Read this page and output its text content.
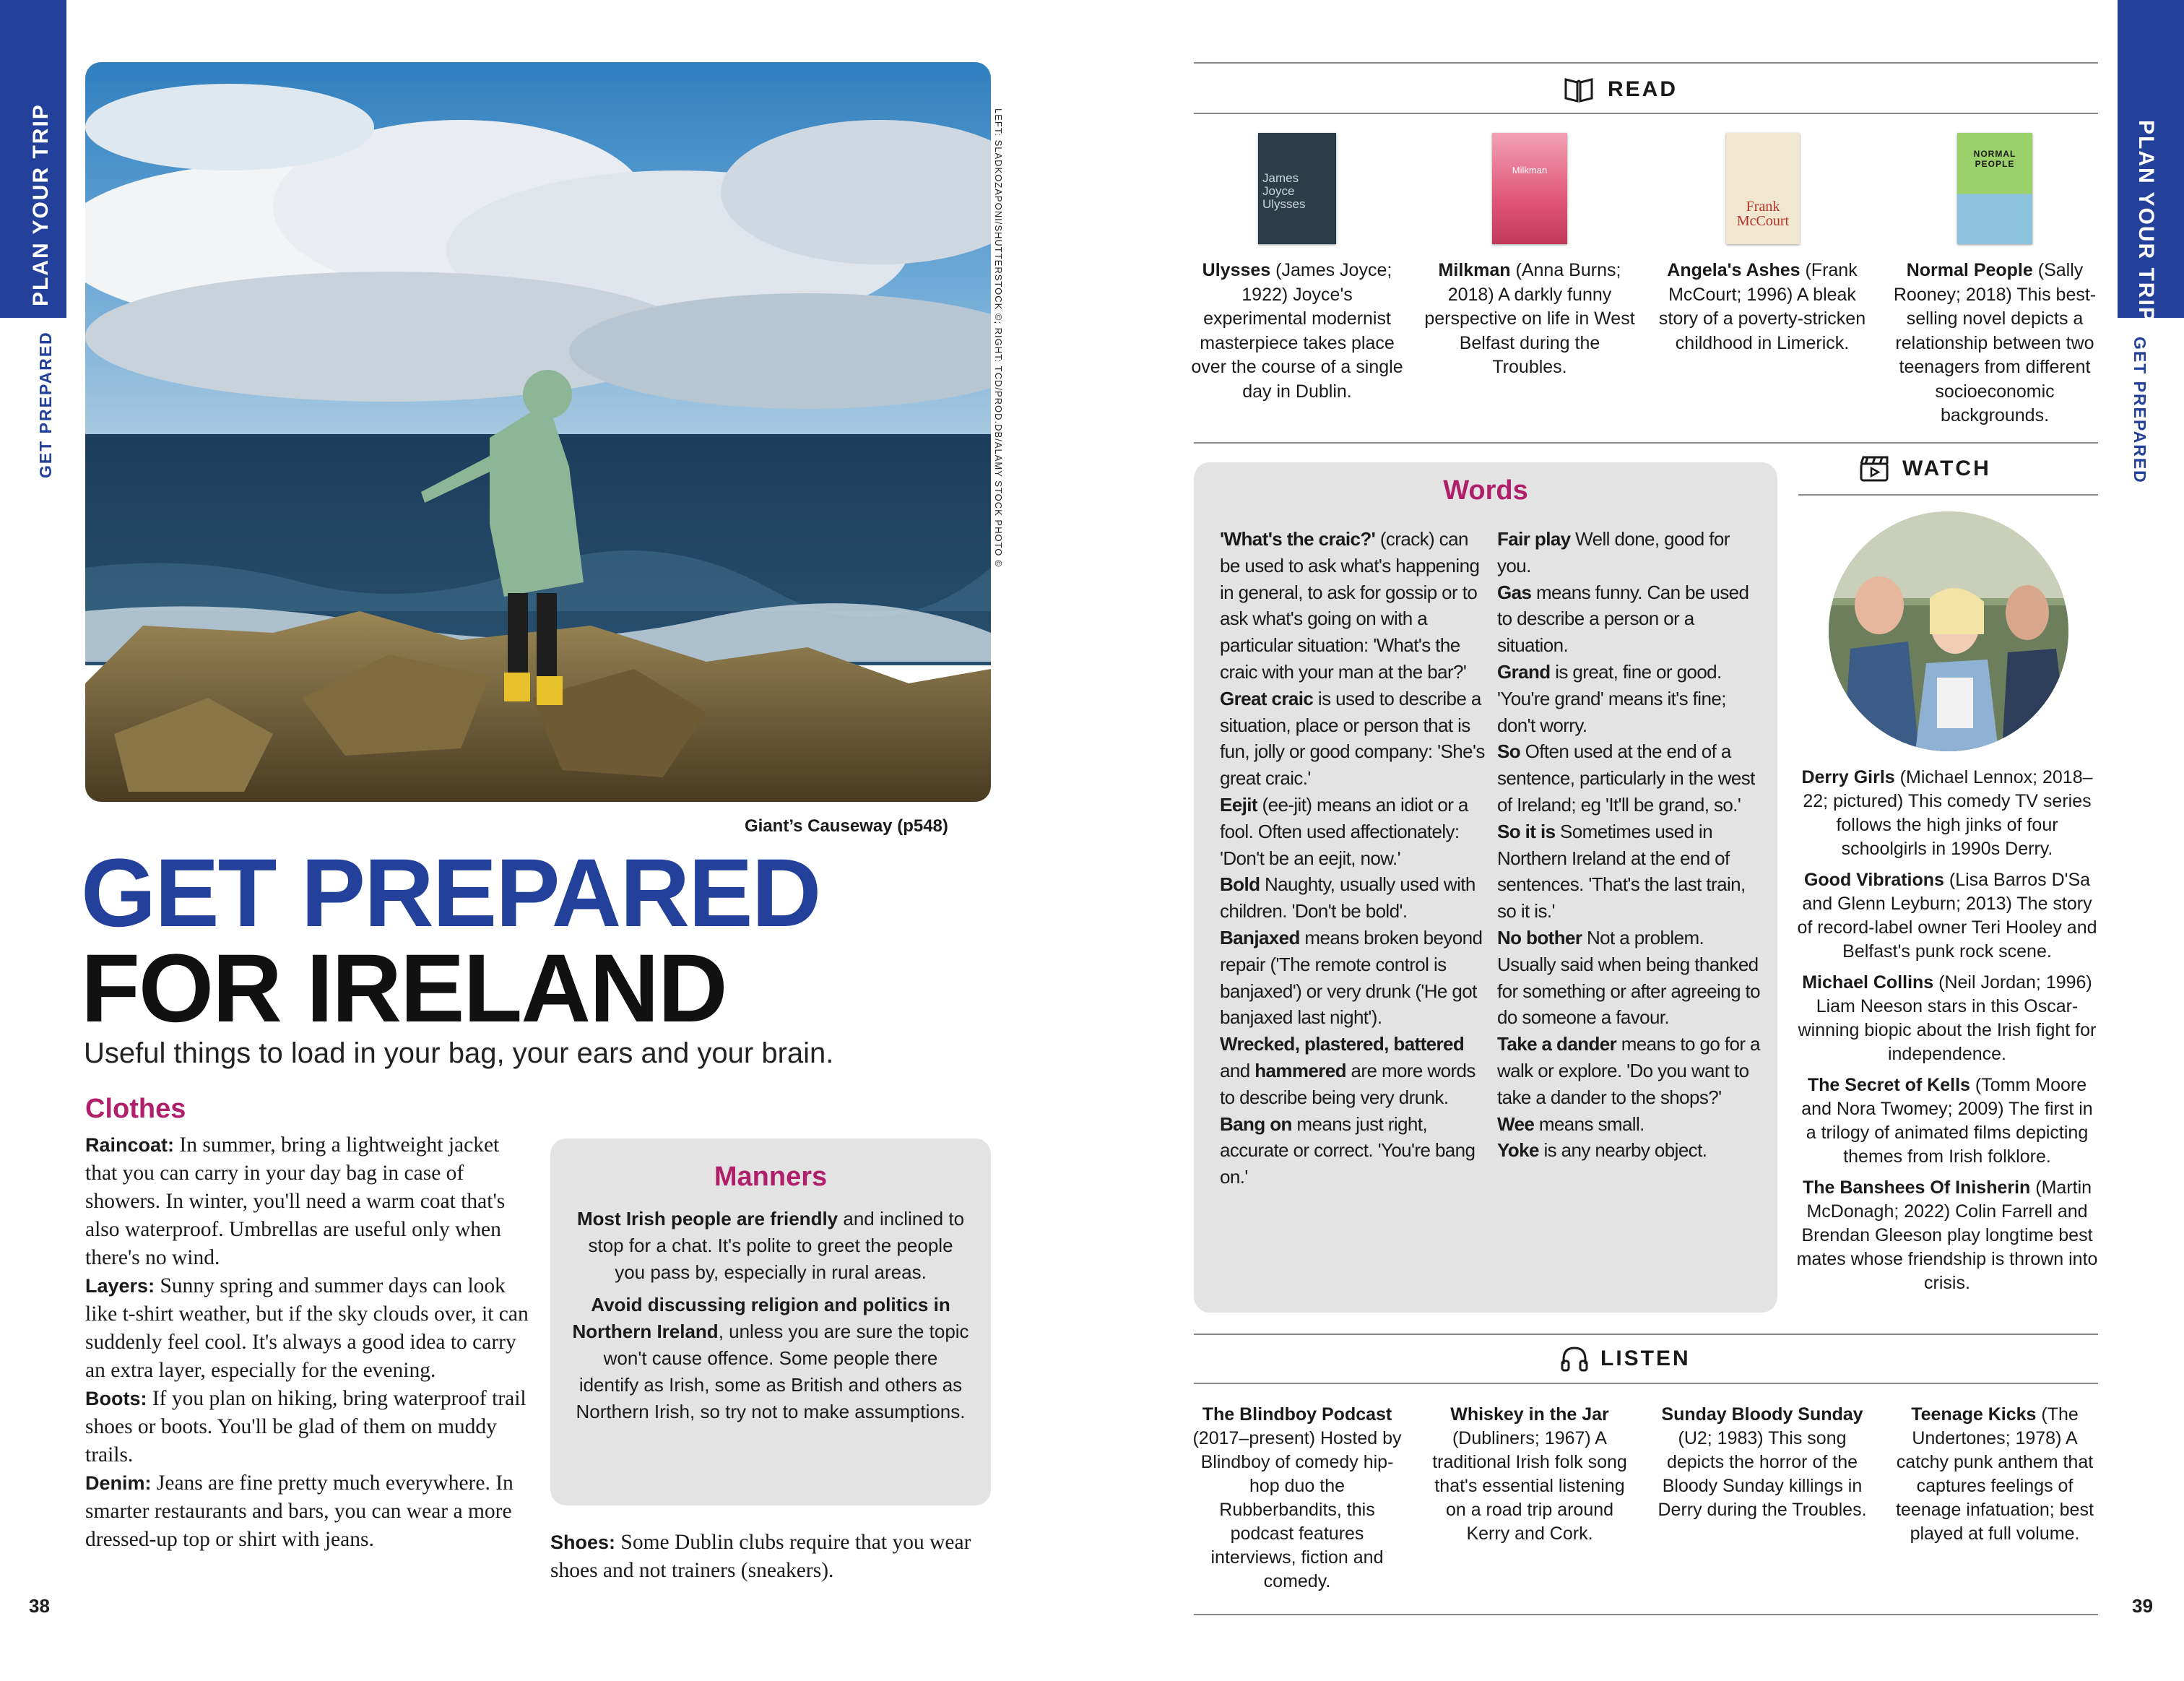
PLAN YOUR TRIP
GET PREPARED
38
LEFT: SLADKOZAPONI/SHUTTERSTOCK ©; RIGHT: TCD/PROD.DB/ALAMY STOCK PHOTO ©
Giant’s Causeway (p548)
GET PREPARED
FOR IRELAND
Useful things to load in your bag, your ears and your brain.
Clothes

Raincoat: In summer, bring a lightweight jacket that you can carry in your day bag in case of showers. In winter, you'll need a warm coat that's also waterproof. Umbrellas are useful only when there's no wind.

Layers: Sunny spring and summer days can look like t-shirt weather, but if the sky clouds over, it can suddenly feel cool. It's always a good idea to carry an extra layer, especially for the evening.

Boots: If you plan on hiking, bring waterproof trail shoes or boots. You'll be glad of them on muddy trails.

Denim: Jeans are fine pretty much everywhere. In smarter restaurants and bars, you can wear a more dressed-up top or shirt with jeans.

Manners

Most Irish people are friendly and inclined to stop for a chat. It's polite to greet the people you pass by, especially in rural areas.

Avoid discussing religion and politics in Northern Ireland, unless you are sure the topic won't cause offence. Some people there identify as Irish, some as British and others as Northern Irish, so try not to make assumptions.

Shoes: Some Dublin clubs require that you wear shoes and not trainers (sneakers).
PLAN YOUR TRIP
GET PREPARED
39
READ
James Joyce Ulysses
Milkman
Frank McCourt
NORMAL PEOPLE
Ulysses (James Joyce; 1922) Joyce's experimental modernist masterpiece takes place over the course of a single day in Dublin.
Milkman (Anna Burns; 2018) A darkly funny perspective on life in West Belfast during the Troubles.
Angela's Ashes (Frank McCourt; 1996) A bleak story of a poverty-stricken childhood in Limerick.
Normal People (Sally Rooney; 2018) This best-selling novel depicts a relationship between two teenagers from different socioeconomic backgrounds.
Words

'What's the craic?' (crack) can be used to ask what's happening in general, to ask for gossip or to ask what's going on with a particular situation: 'What's the craic with your man at the bar?'

Great craic is used to describe a situation, place or person that is fun, jolly or good company: 'She's great craic.'

Eejit (ee-jit) means an idiot or a fool. Often used affectionately: 'Don't be an eejit, now.'

Bold Naughty, usually used with children. 'Don't be bold'.

Banjaxed means broken beyond repair ('The remote control is banjaxed') or very drunk ('He got banjaxed last night').

Wrecked, plastered, battered and hammered are more words to describe being very drunk.

Bang on means just right, accurate or correct. 'You're bang on.'

Fair play Well done, good for you.

Gas means funny. Can be used to describe a person or a situation.

Grand is great, fine or good. 'You're grand' means it's fine; don't worry.

So Often used at the end of a sentence, particularly in the west of Ireland; eg 'It'll be grand, so.'

So it is Sometimes used in Northern Ireland at the end of sentences. 'That's the last train, so it is.'

No bother Not a problem. Usually said when being thanked for something or after agreeing to do someone a favour.

Take a dander means to go for a walk or explore. 'Do you want to take a dander to the shops?'

Wee means small.

Yoke is any nearby object.

WATCH

Derry Girls (Michael Lennox; 2018–22; pictured) This comedy TV series follows the high jinks of four schoolgirls in 1990s Derry.

Good Vibrations (Lisa Barros D'Sa and Glenn Leyburn; 2013) The story of record-label owner Teri Hooley and Belfast's punk rock scene.

Michael Collins (Neil Jordan; 1996) Liam Neeson stars in this Oscar-winning biopic about the Irish fight for independence.

The Secret of Kells (Tomm Moore and Nora Twomey; 2009) The first in a trilogy of animated films depicting themes from Irish folklore.

The Banshees Of Inisherin (Martin McDonagh; 2022) Colin Farrell and Brendan Gleeson play longtime best mates whose friendship is thrown into crisis.

LISTEN
The Blindboy Podcast (2017–present) Hosted by Blindboy of comedy hip-hop duo the Rubberbandits, this podcast features interviews, fiction and comedy.
Whiskey in the Jar (Dubliners; 1967) A traditional Irish folk song that's essential listening on a road trip around Kerry and Cork.
Sunday Bloody Sunday (U2; 1983) This song depicts the horror of the Bloody Sunday killings in Derry during the Troubles.
Teenage Kicks (The Undertones; 1978) A catchy punk anthem that captures feelings of teenage infatuation; best played at full volume.
